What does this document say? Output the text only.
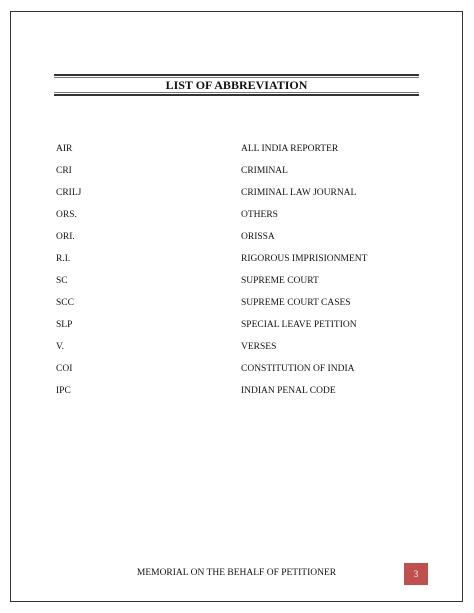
LIST OF ABBREVIATION
AIR	ALL INDIA REPORTER
CRI	CRIMINAL
CRILJ	CRIMINAL LAW JOURNAL
ORS.	OTHERS
ORI.	ORISSA
R.I.	RIGOROUS IMPRISIONMENT
SC	SUPREME COURT
SCC	SUPREME COURT CASES
SLP	SPECIAL LEAVE PETITION
V.	VERSES
COI	CONSTITUTION OF INDIA
IPC	INDIAN PENAL CODE
MEMORIAL ON THE BEHALF OF PETITIONER	3
